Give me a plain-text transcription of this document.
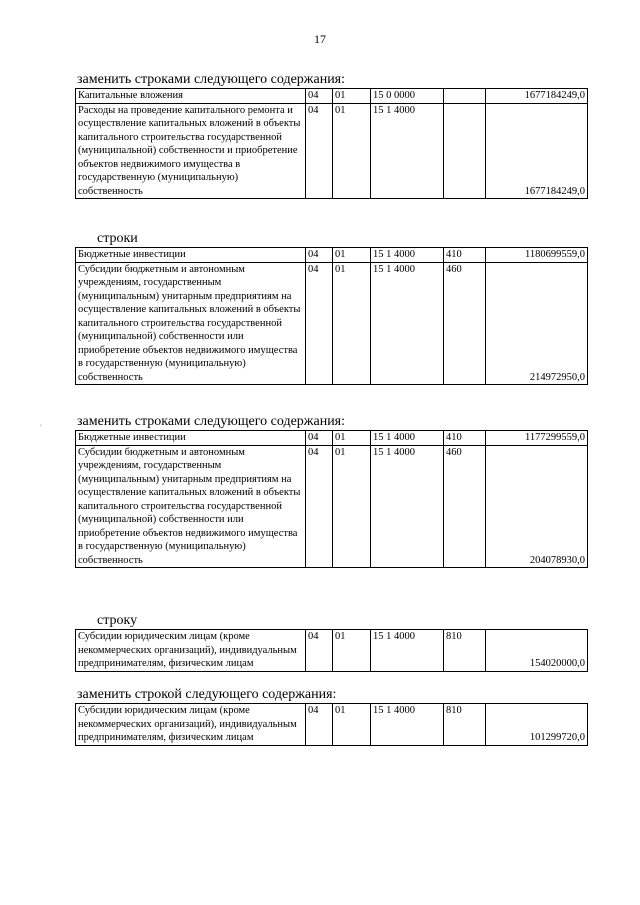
17
'
заменить строками следующего содержания:
Капитальные вложения	04	01	15 0 0000		1677184249,0
Расходы на проведение капитального ремонта и осуществление капитальных вложений в объекты капитального строительства государственной (муниципальной) собственности и приобретение объектов недвижимого имущества в государственную (муниципальную) собственность	04	01	15 1 4000		1677184249,0
строки
Бюджетные инвестиции	04	01	15 1 4000	410	1180699559,0
Субсидии бюджетным и автономным учреждениям, государственным (муниципальным) унитарным предприятиям на осуществление капитальных вложений в объекты капитального строительства государственной (муниципальной) собственности или приобретение объектов недвижимого имущества в государственную (муниципальную) собственность	04	01	15 1 4000	460	214972950,0
заменить строками следующего содержания:
Бюджетные инвестиции	04	01	15 1 4000	410	1177299559,0
Субсидии бюджетным и автономным учреждениям, государственным (муниципальным) унитарным предприятиям на осуществление капитальных вложений в объекты капитального строительства государственной (муниципальной) собственности или приобретение объектов недвижимого имущества в государственную (муниципальную) собственность	04	01	15 1 4000	460	204078930,0
строку
Субсидии юридическим лицам (кроме некоммерческих организаций), индивидуальным предпринимателям, физическим лицам	04	01	15 1 4000	810	154020000,0
заменить строкой следующего содержания:
Субсидии юридическим лицам (кроме некоммерческих организаций), индивидуальным предпринимателям, физическим лицам	04	01	15 1 4000	810	101299720,0
